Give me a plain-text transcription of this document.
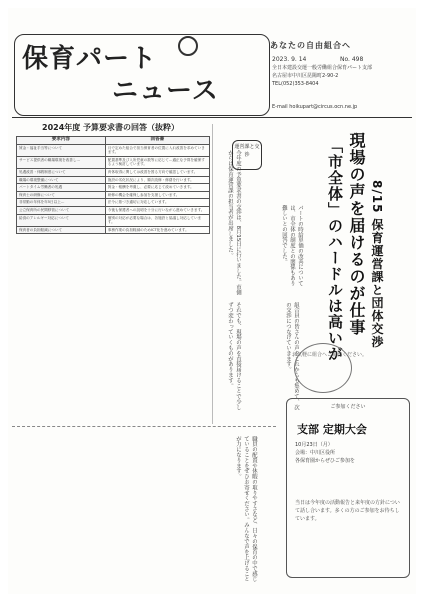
保育パート
ニュース
あなたの自由組合へ
2023. 9. 14	No. 498
全日本建設交運一般労働組合保育パート支部
名古屋市中川区昆陽町2-90-2
TEL(052)353-8404
E-mail hoikupart@circus.ocn.ne.jp
2024年度 予算要求書の回答（抜粋）
要求内容	回答書
賃金・福祉手当等について	月で定めた組合で担当保育者の位置に入れ改善を求めていきます。
サービス提供者の職場環境を改善し…	配置基準及び入所児童の数等に応じて…適正な予算を確保するよう検討しています。
処遇改善・休暇制度について	育休取得に関しては改善を図る方向で確認しています。
職場の環境整備について	施設の劣化状況により、順次改修・修繕を行います。
パートタイム労働者の処遇	賃金・報酬を考慮し、必要に応じて改めていきます。
保育士の研修について	研修の機会を確保し参加を支援しています。
非常勤の年休を年5日以上…	法令に基づき適切に対応しています。
公立保育所の民間移管について	今後も保護者への説明を十分に行いながら進めていきます。
給食のアレルギー対応について	個別の対応が必要な場合は、各施設と協議し対応しています。
保育者の負担軽減について	事務作業の負担軽減のためICT化を進めています。
運営課と交渉	「市全体」のハードルは高いが 現場の声を届けるのが仕事 8/15 保育運営課と団体交渉
今年度の予算要求書の交渉は、8月15日に行いました。市側からは保育運営課の担当者が出席しました。	パートの時給単価の改善については、市全体の制度との関係もあり難しいとの回答でした。
それでも、現場の声を直接届けることで少しずつ変わっていくものがあります。	組合員の皆さんの声をこれからも集めて、次の交渉につなげていきます。
職員の配置や休暇の取りやすさなど、日々の保育の中で感じていることをぜひお寄せください。みんなで声を上げることが力になります。
お気軽に組合へご相談ください。
ご参加ください
支部 定期大会
10月23日（月）
会場：中川区役所
各保育園からぜひご参加を
当日は今年度の活動報告と来年度の方針について話し合います。多くの方のご参加をお待ちしています。
